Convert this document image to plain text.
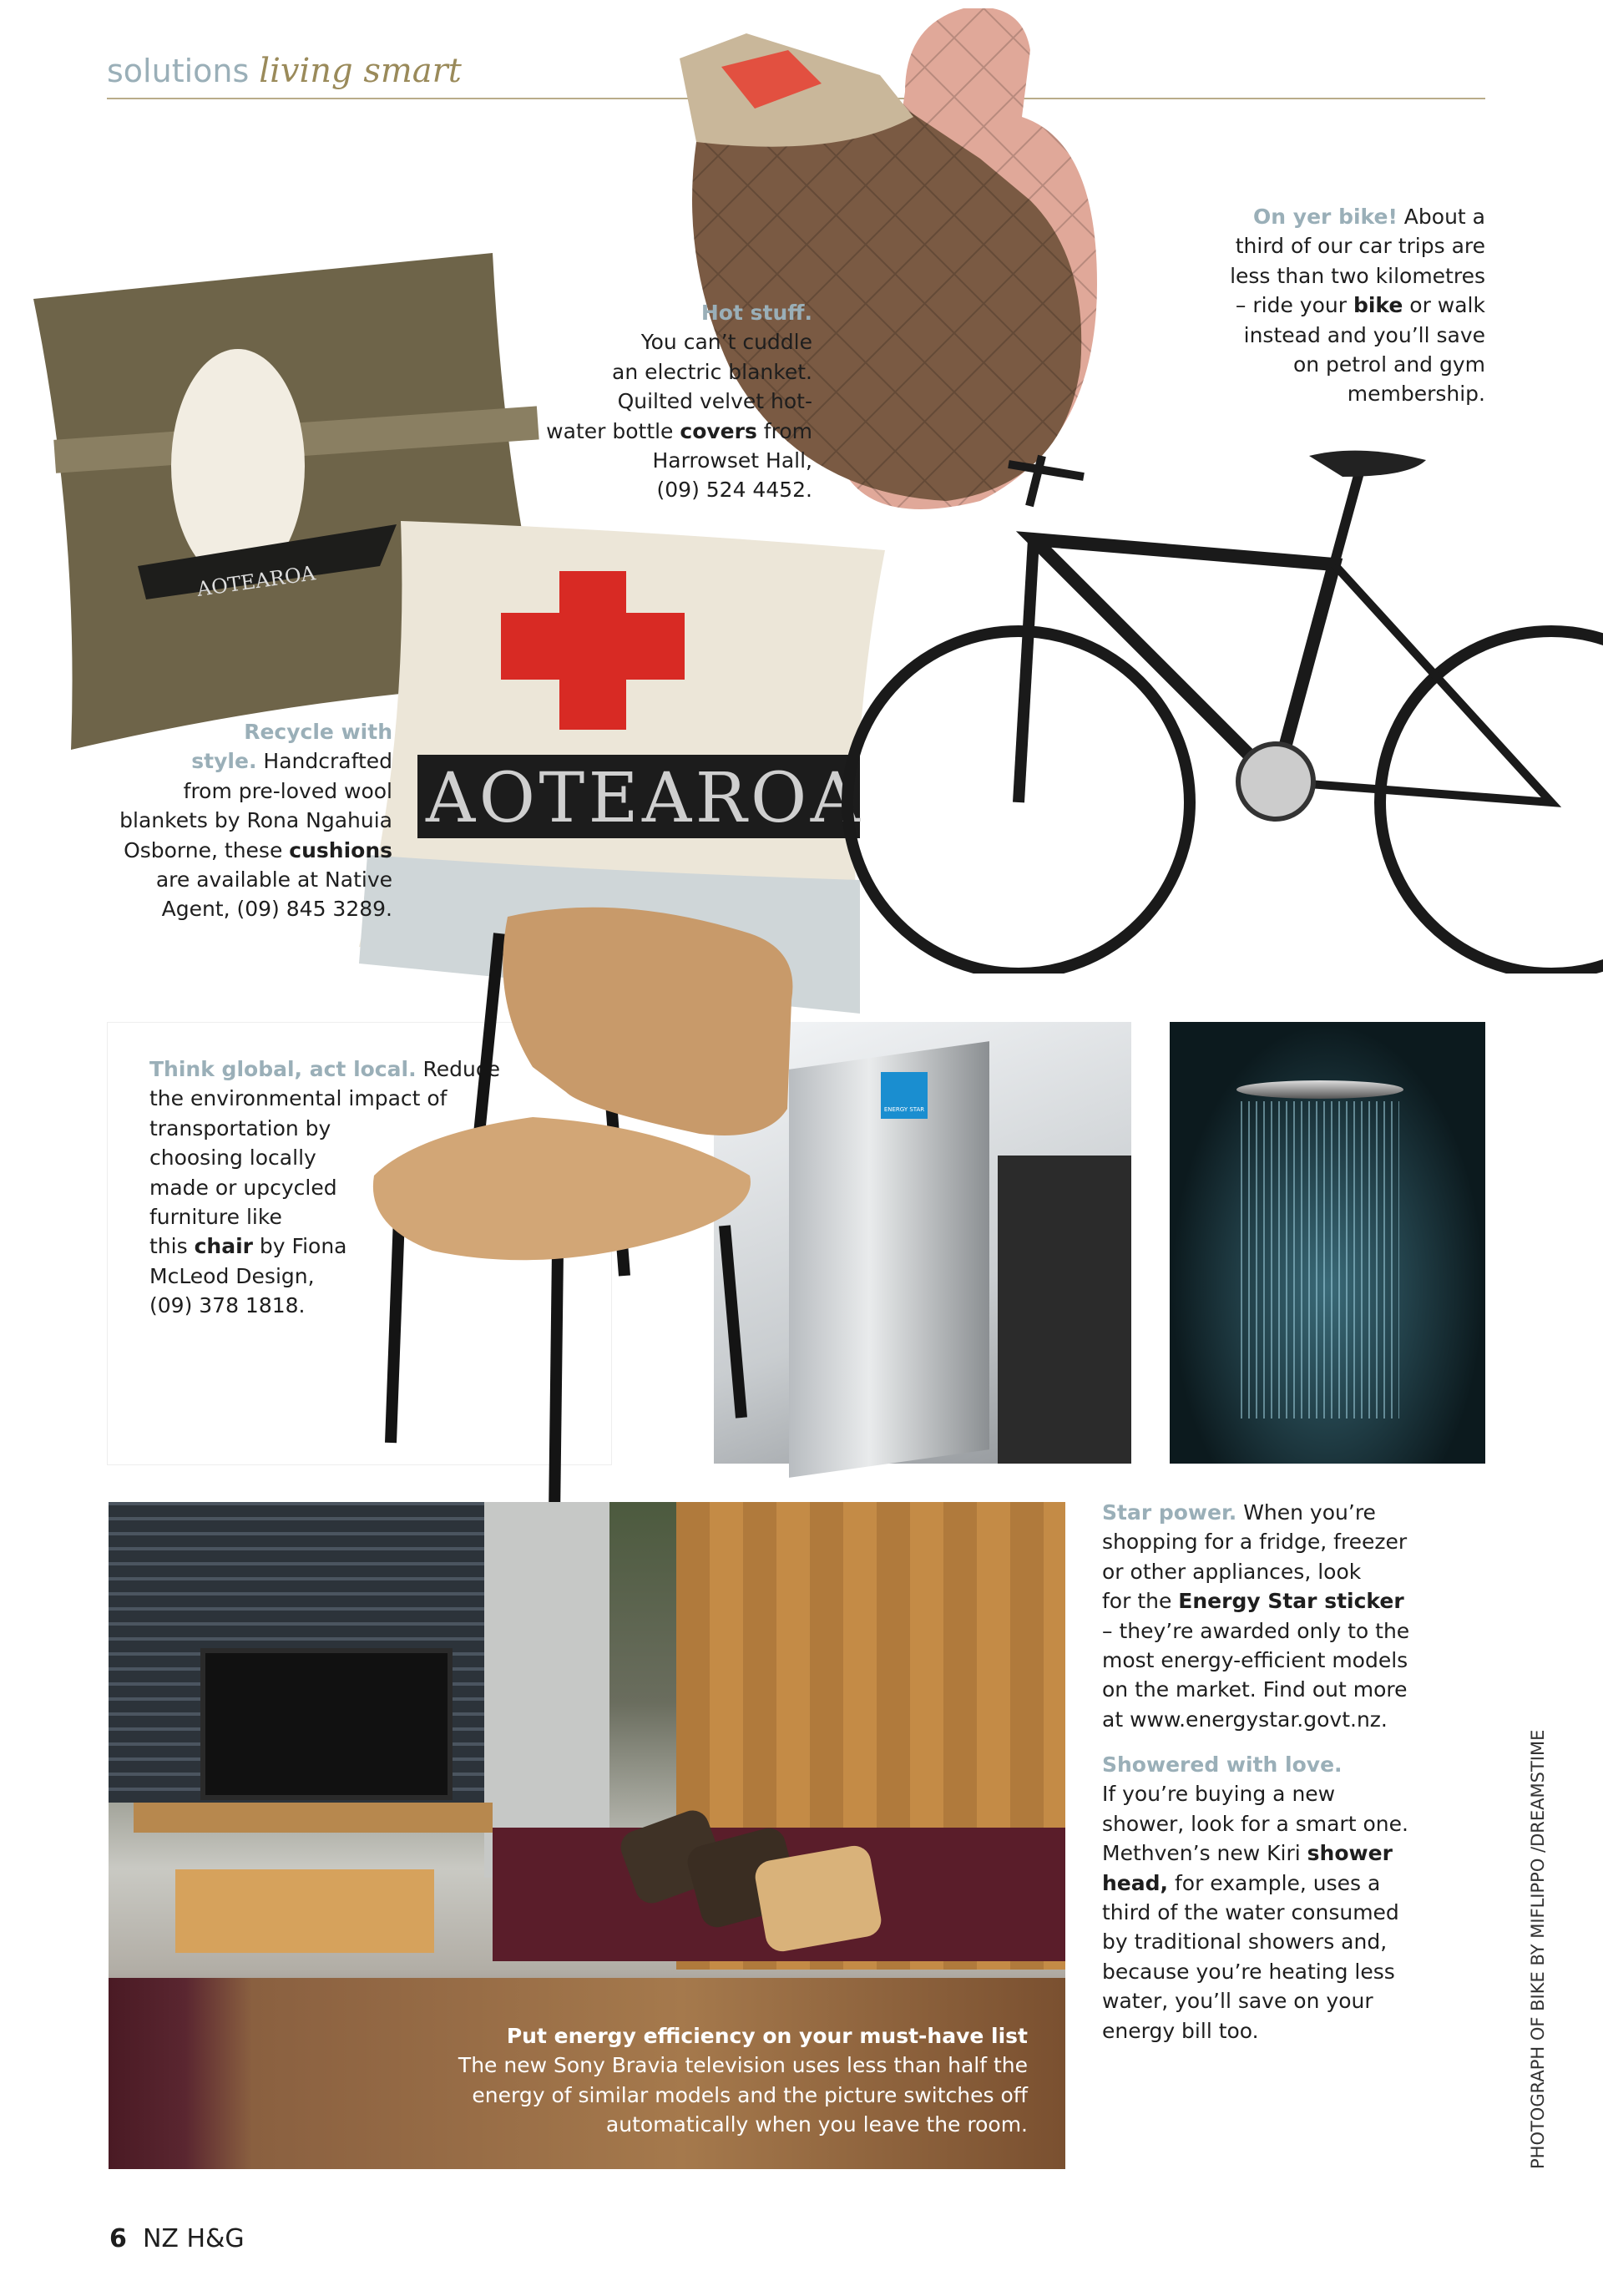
solutions living smart
Hot stuff.
You can’t cuddle
an electric blanket.
Quilted velvet hot-
water bottle covers from
Harrowset Hall,
(09) 524 4452.
On yer bike! About a
third of our car trips are
less than two kilometres
– ride your bike or walk
instead and you’ll save
on petrol and gym
membership.
AOTEAROA
AOTEAROA
Recycle with
style. Handcrafted
from pre-loved wool
blankets by Rona Ngahuia
Osborne, these cushions
are available at Native
Agent, (09) 845 3289.
Think global, act local. Reduce
the environmental impact of
transportation by
choosing locally
made or upcycled
furniture like
this chair by Fiona
McLeod Design,
(09) 378 1818.
ENERGY STAR
Put energy efficiency on your must-have list
The new Sony Bravia television uses less than half the
energy of similar models and the picture switches off
automatically when you leave the room.
Star power. When you’re
shopping for a fridge, freezer
or other appliances, look
for the Energy Star sticker
– they’re awarded only to the
most energy-efficient models
on the market. Find out more
at www.energystar.govt.nz.
Showered with love.
If you’re buying a new
shower, look for a smart one.
Methven’s new Kiri shower
head, for example, uses a
third of the water consumed
by traditional showers and,
because you’re heating less
water, you’ll save on your
energy bill too.	PHOTOGRAPH OF BIKE BY MIFLIPPO /DREAMSTIME
6 NZ H&G
